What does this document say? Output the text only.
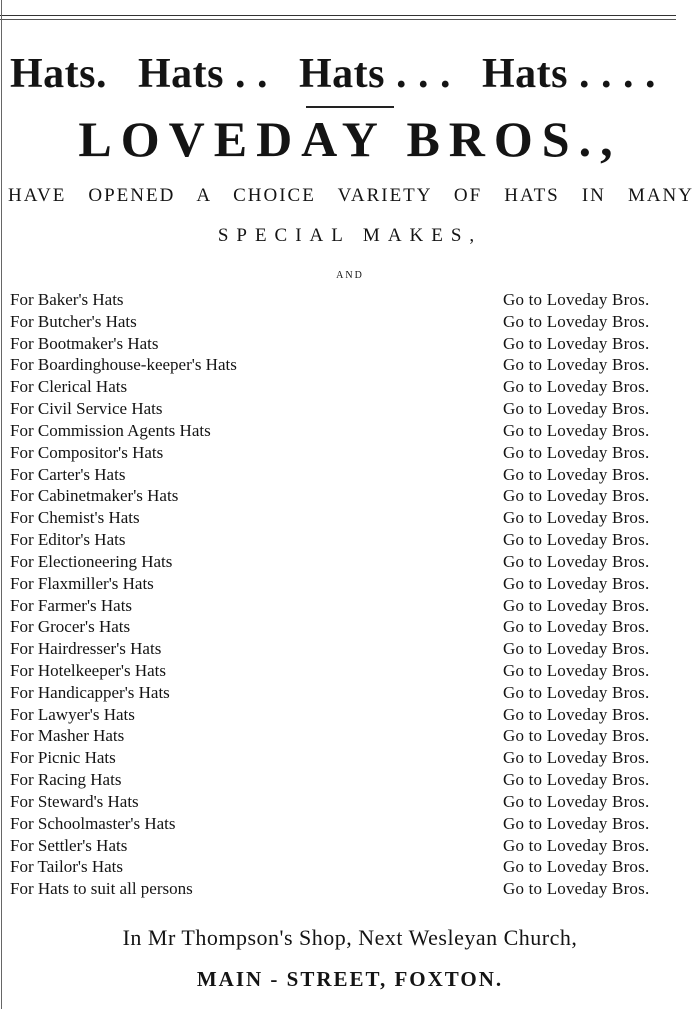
Hats. Hats . . Hats . . . Hats . . . .
LOVEDAY BROS.,
HAVE OPENED A CHOICE VARIETY OF HATS IN MANY
SPECIAL MAKES,
AND
For Baker's Hats	Go to Loveday Bros.
For Butcher's Hats	Go to Loveday Bros.
For Bootmaker's Hats	Go to Loveday Bros.
For Boardinghouse-keeper's Hats	Go to Loveday Bros.
For Clerical Hats	Go to Loveday Bros.
For Civil Service Hats	Go to Loveday Bros.
For Commission Agents Hats	Go to Loveday Bros.
For Compositor's Hats	Go to Loveday Bros.
For Carter's Hats	Go to Loveday Bros.
For Cabinetmaker's Hats	Go to Loveday Bros.
For Chemist's Hats	Go to Loveday Bros.
For Editor's Hats	Go to Loveday Bros.
For Electioneering Hats	Go to Loveday Bros.
For Flaxmiller's Hats	Go to Loveday Bros.
For Farmer's Hats	Go to Loveday Bros.
For Grocer's Hats	Go to Loveday Bros.
For Hairdresser's Hats	Go to Loveday Bros.
For Hotelkeeper's Hats	Go to Loveday Bros.
For Handicapper's Hats	Go to Loveday Bros.
For Lawyer's Hats	Go to Loveday Bros.
For Masher Hats	Go to Loveday Bros.
For Picnic Hats	Go to Loveday Bros.
For Racing Hats	Go to Loveday Bros.
For Steward's Hats	Go to Loveday Bros.
For Schoolmaster's Hats	Go to Loveday Bros.
For Settler's Hats	Go to Loveday Bros.
For Tailor's Hats	Go to Loveday Bros.
For Hats to suit all persons	Go to Loveday Bros.
In Mr Thompson's Shop, Next Wesleyan Church,
MAIN - STREET, FOXTON.
